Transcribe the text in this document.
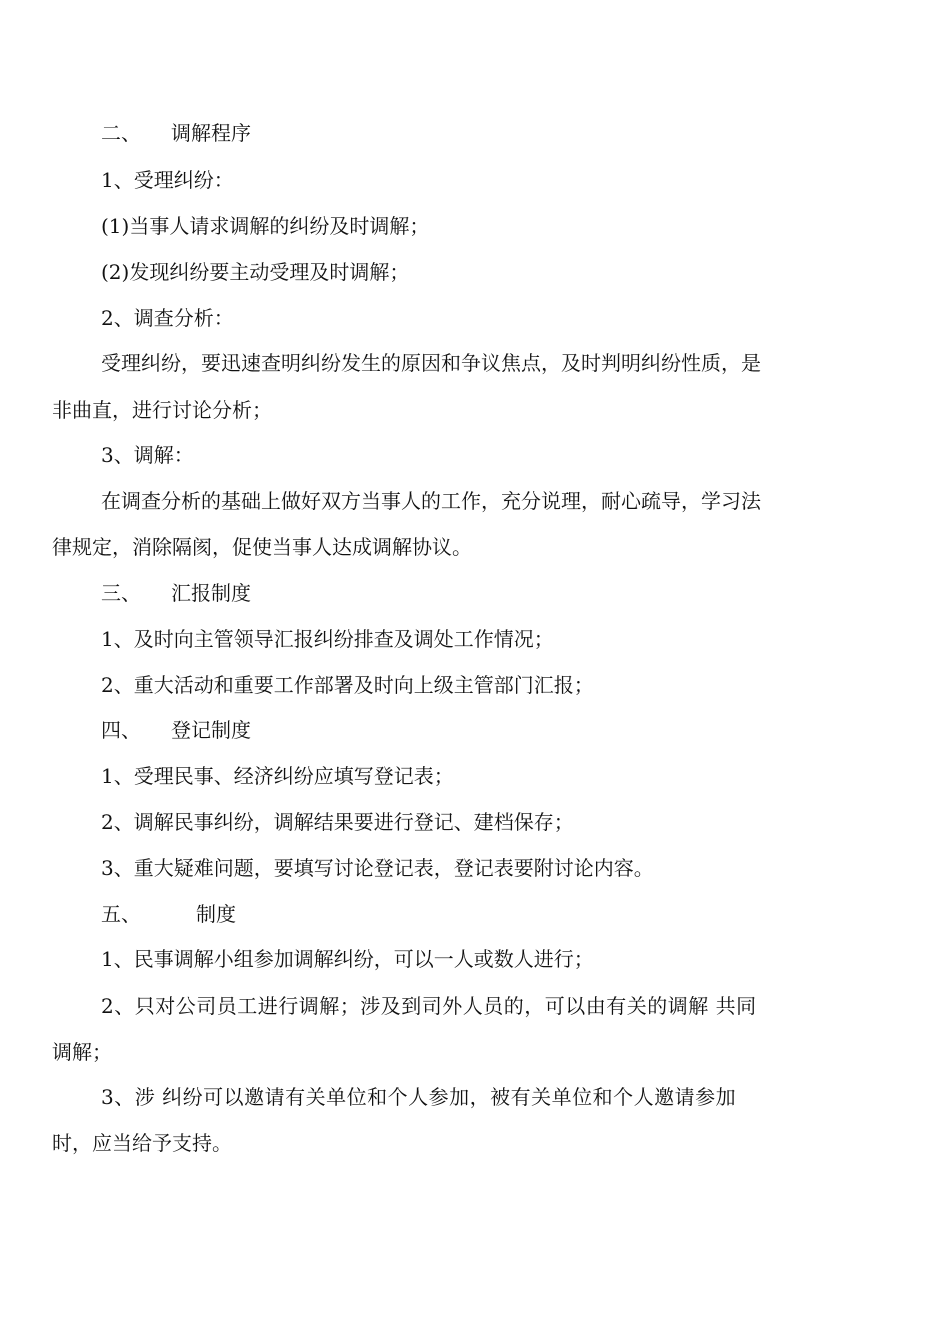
二、 调解程序
1、受理纠纷：
(1)当事人请求调解的纠纷及时调解；
(2)发现纠纷要主动受理及时调解；
2、调查分析：
受理纠纷，要迅速查明纠纷发生的原因和争议焦点，及时判明纠纷性质，是
非曲直，进行讨论分析；
3、调解：
在调查分析的基础上做好双方当事人的工作，充分说理，耐心疏导，学习法
律规定，消除隔阂，促使当事人达成调解协议。
三、 汇报制度
1、及时向主管领导汇报纠纷排查及调处工作情况；
2、重大活动和重要工作部署及时向上级主管部门汇报；
四、 登记制度
1、受理民事、经济纠纷应填写登记表；
2、调解民事纠纷，调解结果要进行登记、建档保存；
3、重大疑难问题，要填写讨论登记表，登记表要附讨论内容。
五、	制度
1、民事调解小组参加调解纠纷，可以一人或数人进行；
2、只对公司员工进行调解；涉及到司外人员的，可以由有关的调解 共同
调解；
3、涉 纠纷可以邀请有关单位和个人参加，被有关单位和个人邀请参加
时，应当给予支持。
